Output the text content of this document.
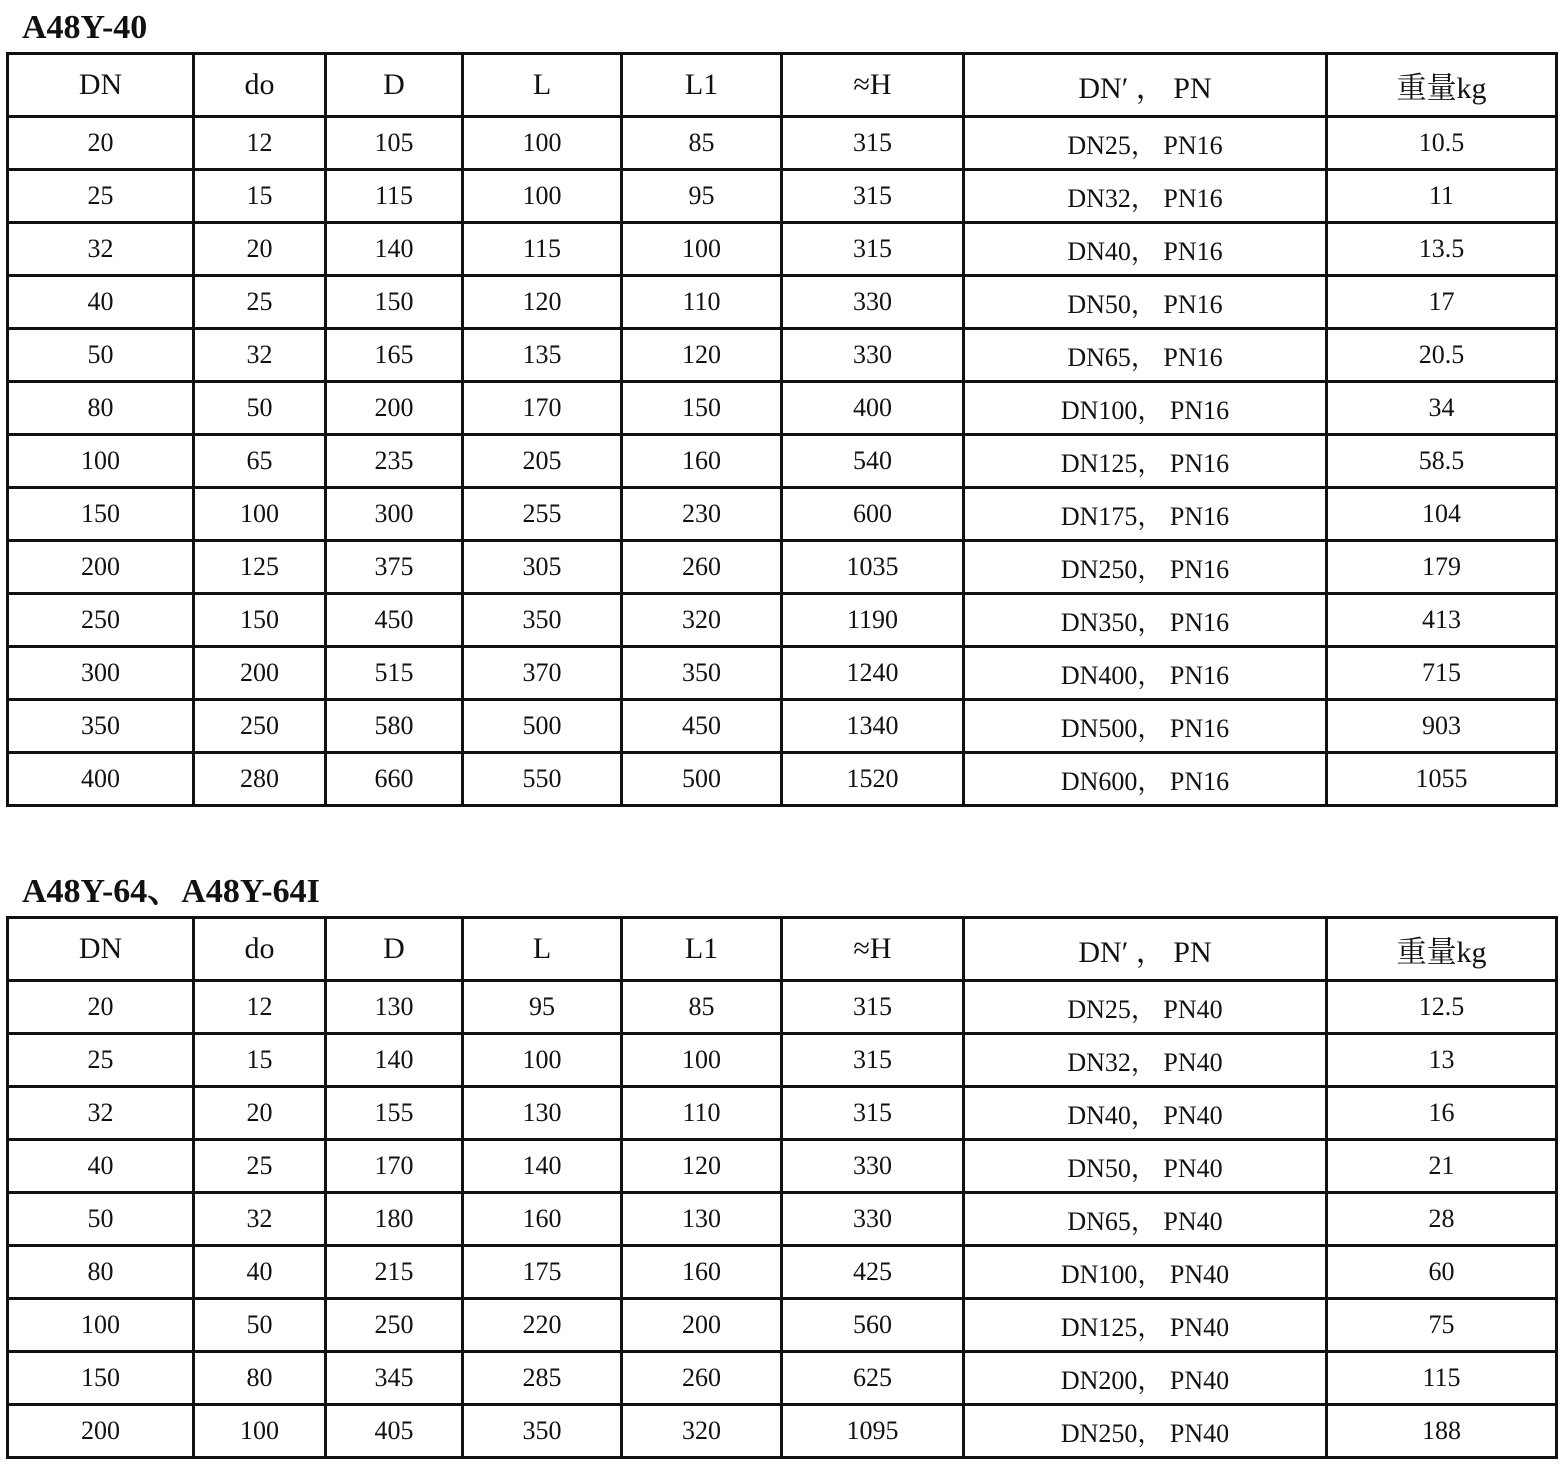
A48Y-40
DN	do	D	L	L1	≈H	DN′ ， PN	重量kg
20	12	105	100	85	315	DN25， PN16	10.5
25	15	115	100	95	315	DN32， PN16	11
32	20	140	115	100	315	DN40， PN16	13.5
40	25	150	120	110	330	DN50， PN16	17
50	32	165	135	120	330	DN65， PN16	20.5
80	50	200	170	150	400	DN100， PN16	34
100	65	235	205	160	540	DN125， PN16	58.5
150	100	300	255	230	600	DN175， PN16	104
200	125	375	305	260	1035	DN250， PN16	179
250	150	450	350	320	1190	DN350， PN16	413
300	200	515	370	350	1240	DN400， PN16	715
350	250	580	500	450	1340	DN500， PN16	903
400	280	660	550	500	1520	DN600， PN16	1055
A48Y-64、A48Y-64I
DN	do	D	L	L1	≈H	DN′ ， PN	重量kg
20	12	130	95	85	315	DN25， PN40	12.5
25	15	140	100	100	315	DN32， PN40	13
32	20	155	130	110	315	DN40， PN40	16
40	25	170	140	120	330	DN50， PN40	21
50	32	180	160	130	330	DN65， PN40	28
80	40	215	175	160	425	DN100， PN40	60
100	50	250	220	200	560	DN125， PN40	75
150	80	345	285	260	625	DN200， PN40	115
200	100	405	350	320	1095	DN250， PN40	188
